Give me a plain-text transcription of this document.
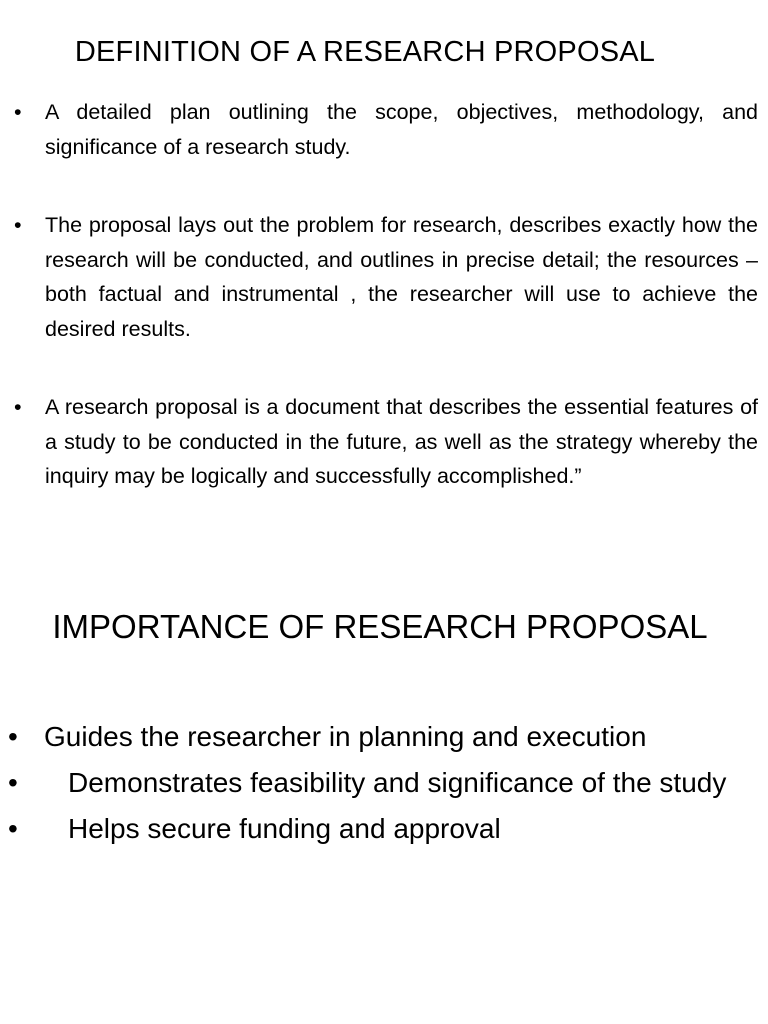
DEFINITION OF A RESEARCH PROPOSAL
•	A detailed plan outlining the scope, objectives, methodology, and significance of a research study.
•	The proposal lays out the problem for research, describes exactly how the research will be conducted, and outlines in precise detail; the resources – both factual and instrumental , the researcher will use to achieve the desired results.
•	A research proposal is a document that describes the essential features of a study to be conducted in the future, as well as the strategy whereby the inquiry may be logically and successfully accomplished.”
IMPORTANCE OF RESEARCH PROPOSAL
• Guides the researcher in planning and execution
•	Demonstrates feasibility and significance of the study
•	Helps secure funding and approval
